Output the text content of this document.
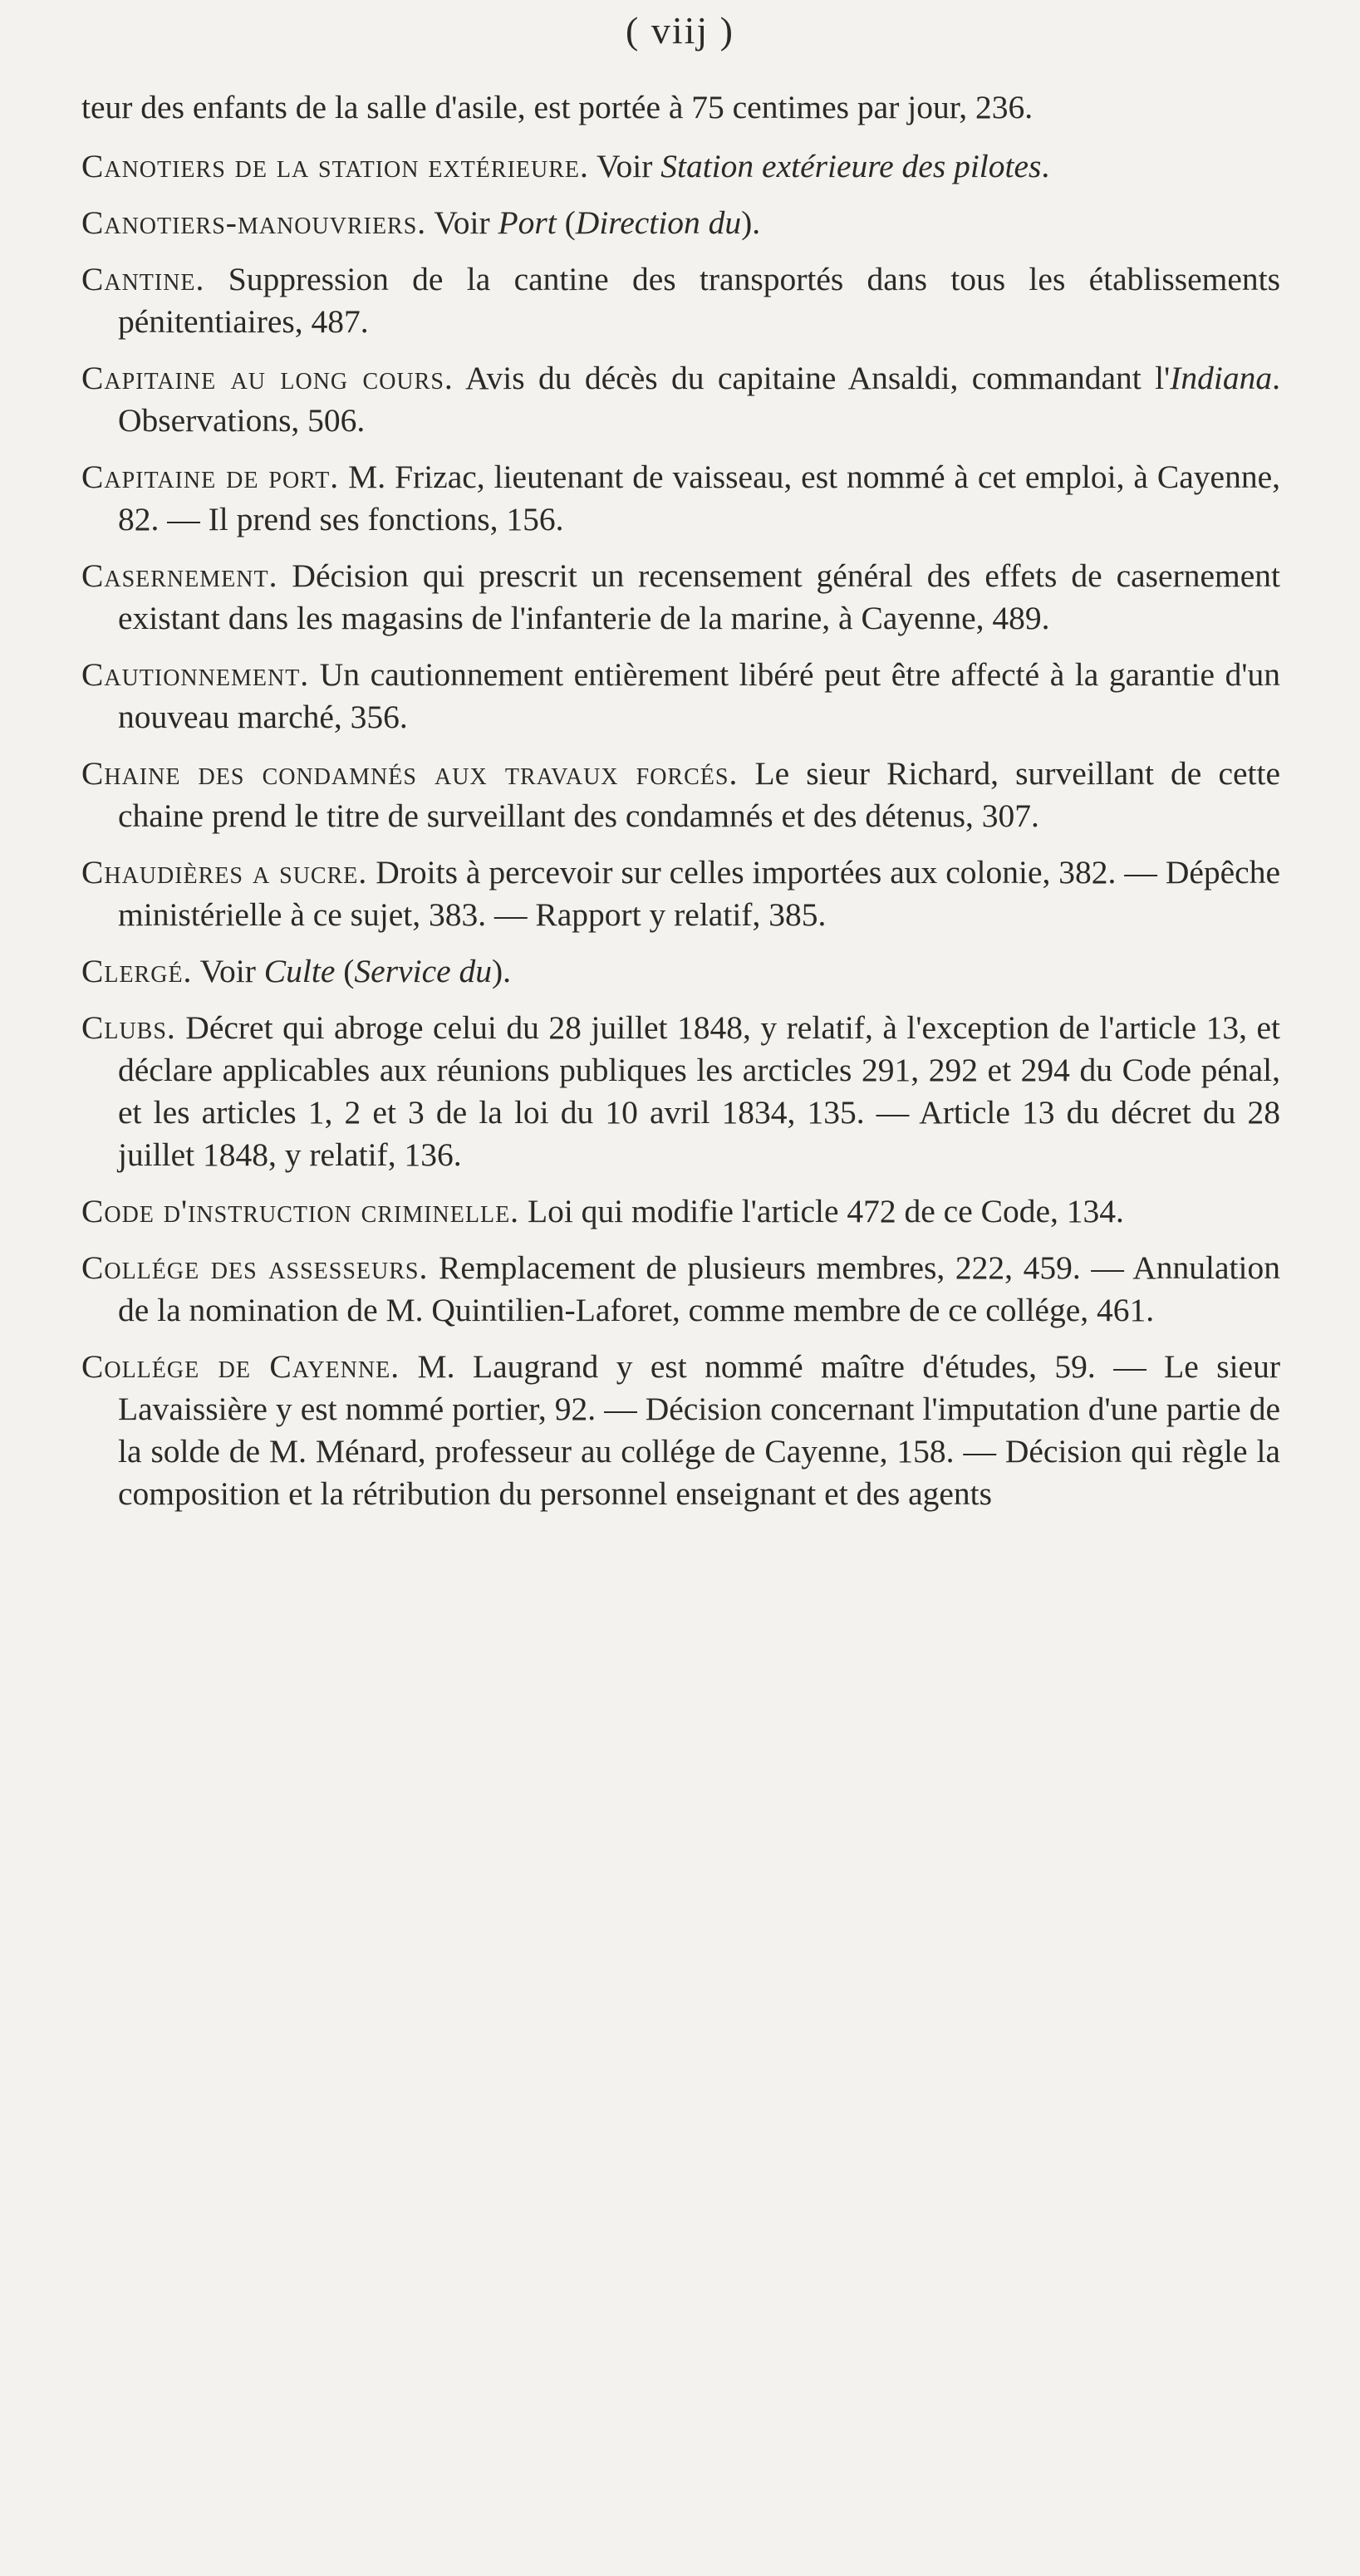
( viij )

teur des enfants de la salle d'asile, est portée à 75 centimes par jour, 236.

Canotiers de la station extérieure. Voir Station extérieure des pilotes.

Canotiers-manouvriers. Voir Port (Direction du).

Cantine. Suppression de la cantine des transportés dans tous les établissements pénitentiaires, 487.

Capitaine au long cours. Avis du décès du capitaine Ansaldi, commandant l'Indiana. Observations, 506.

Capitaine de port. M. Frizac, lieutenant de vaisseau, est nommé à cet emploi, à Cayenne, 82. — Il prend ses fonctions, 156.

Casernement. Décision qui prescrit un recensement général des effets de casernement existant dans les magasins de l'infanterie de la marine, à Cayenne, 489.

Cautionnement. Un cautionnement entièrement libéré peut être affecté à la garantie d'un nouveau marché, 356.

Chaine des condamnés aux travaux forcés. Le sieur Richard, surveillant de cette chaine prend le titre de surveillant des condamnés et des détenus, 307.

Chaudières a sucre. Droits à percevoir sur celles importées aux colonie, 382. — Dépêche ministérielle à ce sujet, 383. — Rapport y relatif, 385.

Clergé. Voir Culte (Service du).

Clubs. Décret qui abroge celui du 28 juillet 1848, y relatif, à l'exception de l'article 13, et déclare applicables aux réunions publiques les arcticles 291, 292 et 294 du Code pénal, et les articles 1, 2 et 3 de la loi du 10 avril 1834, 135. — Article 13 du décret du 28 juillet 1848, y relatif, 136.

Code d'instruction criminelle. Loi qui modifie l'article 472 de ce Code, 134.

Collége des assesseurs. Remplacement de plusieurs membres, 222, 459. — Annulation de la nomination de M. Quintilien-Laforet, comme membre de ce collége, 461.

Collége de Cayenne. M. Laugrand y est nommé maître d'études, 59. — Le sieur Lavaissière y est nommé portier, 92. — Décision concernant l'imputation d'une partie de la solde de M. Ménard, professeur au collége de Cayenne, 158. — Décision qui règle la composition et la rétribution du personnel enseignant et des agents
